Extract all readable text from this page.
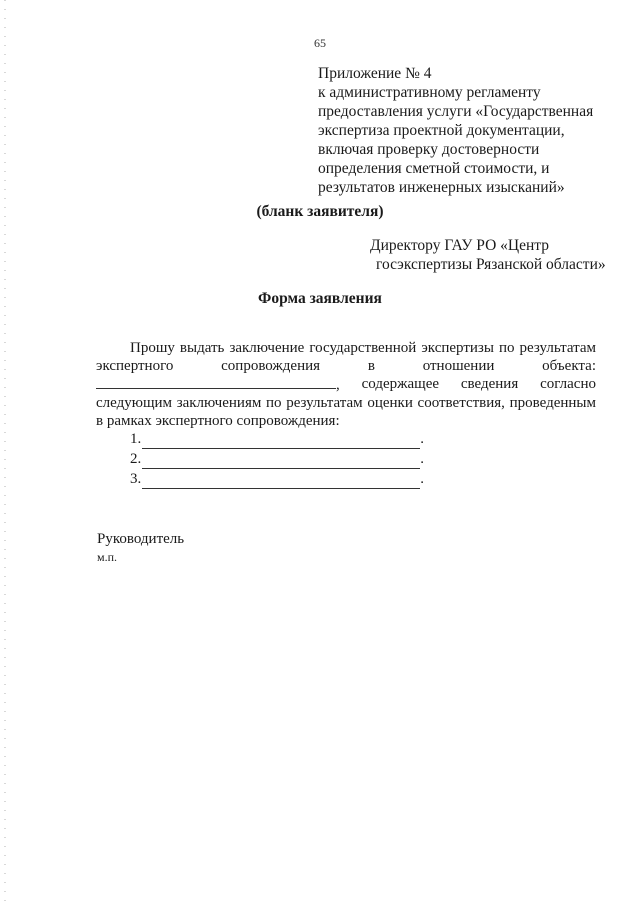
65
Приложение № 4
к административному регламенту
предоставления услуги «Государственная
экспертиза проектной документации,
включая проверку достоверности
определения сметной стоимости, и
результатов инженерных изысканий»
(бланк заявителя)
Директору ГАУ РО «Центр
госэкспертизы Рязанской области»
Форма заявления
Прошу выдать заключение государственной экспертизы по результатам
экспертного	сопровождения	в	отношении	объекта:
, содержащее сведения согласно
следующим заключениям по результатам оценки соответствия, проведенным
в рамках экспертного сопровождения:
1.	.
2.	.
3.	.
Руководитель
м.п.
